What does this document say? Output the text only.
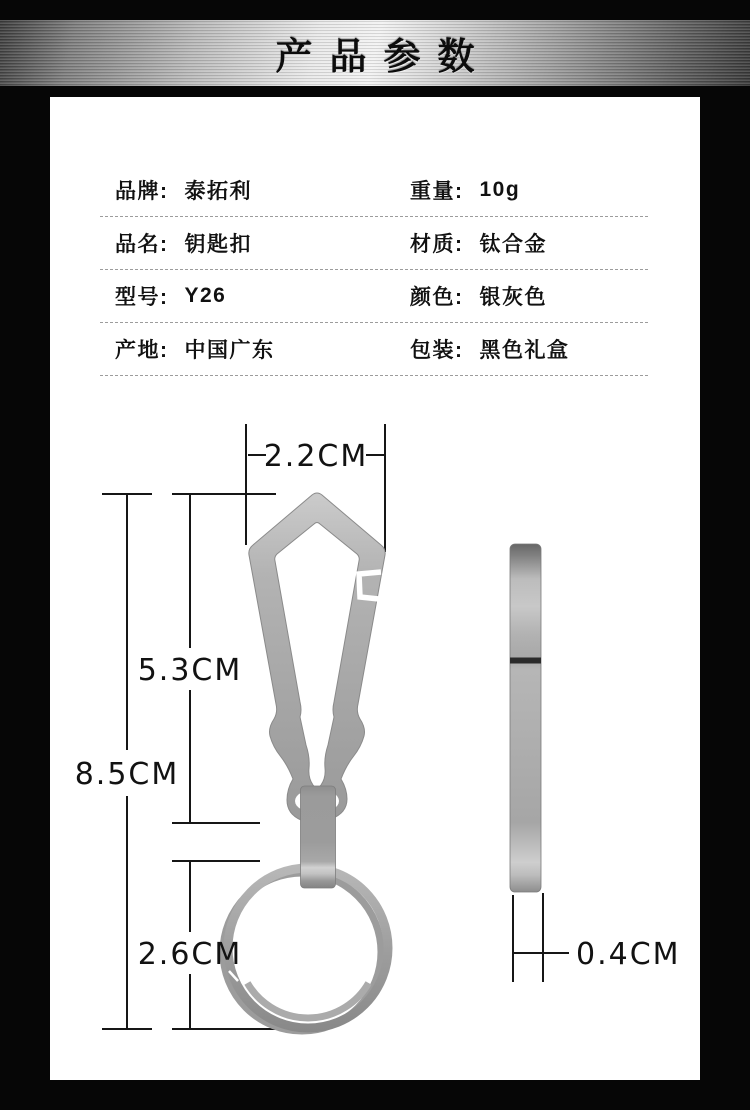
产品参数
品牌: 泰拓利	重量: 10g
品名: 钥匙扣	材质: 钛合金
型号: Y26	颜色: 银灰色
产地: 中国广东	包装: 黑色礼盒
2.2CM
5.3CM
8.5CM
2.6CM	0.4CM
